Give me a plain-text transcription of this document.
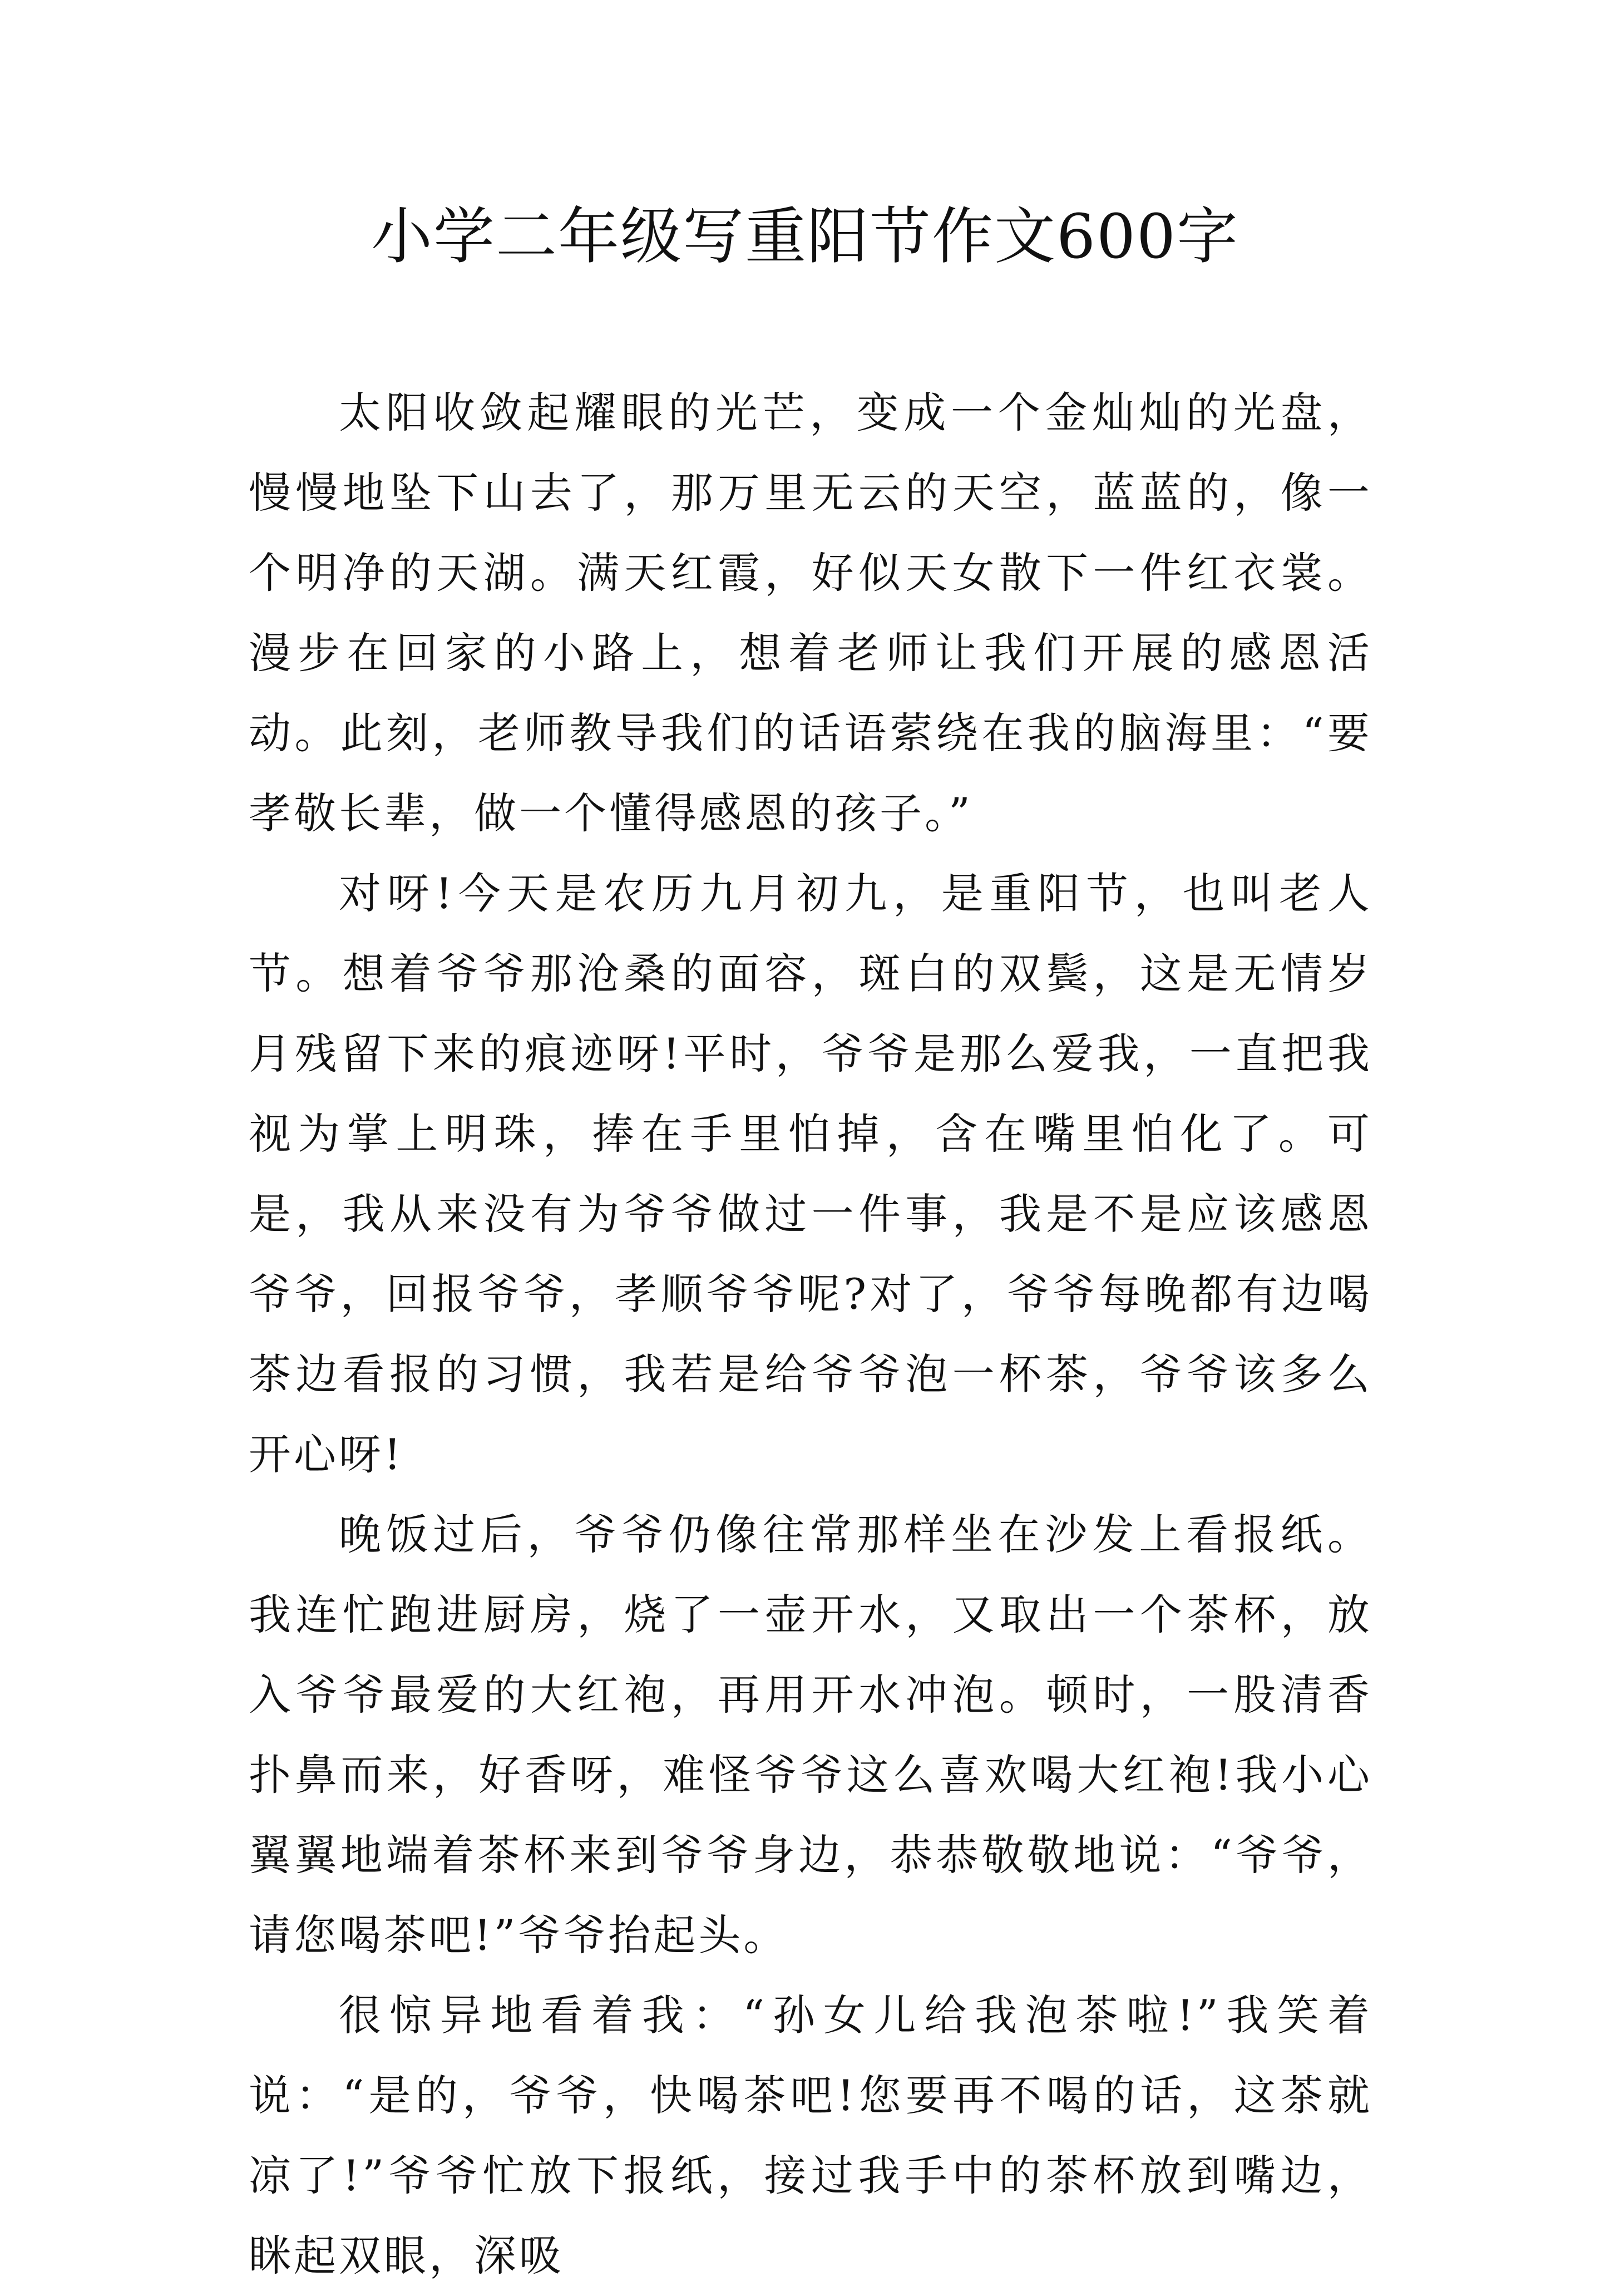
小学二年级写重阳节作文600字

太阳收敛起耀眼的光芒，变成一个金灿灿的光盘，慢慢地坠下山去了，那万里无云的天空，蓝蓝的，像一个明净的天湖。满天红霞，好似天女散下一件红衣裳。漫步在回家的小路上，想着老师让我们开展的感恩活动。此刻，老师教导我们的话语萦绕在我的脑海里：“要孝敬长辈，做一个懂得感恩的孩子。”

对呀!今天是农历九月初九，是重阳节，也叫老人节。想着爷爷那沧桑的面容，斑白的双鬓，这是无情岁月残留下来的痕迹呀!平时，爷爷是那么爱我，一直把我视为掌上明珠，捧在手里怕掉，含在嘴里怕化了。可是，我从来没有为爷爷做过一件事，我是不是应该感恩爷爷，回报爷爷，孝顺爷爷呢?对了，爷爷每晚都有边喝茶边看报的习惯，我若是给爷爷泡一杯茶，爷爷该多么开心呀!

晚饭过后，爷爷仍像往常那样坐在沙发上看报纸。我连忙跑进厨房，烧了一壶开水，又取出一个茶杯，放入爷爷最爱的大红袍，再用开水冲泡。顿时，一股清香扑鼻而来，好香呀，难怪爷爷这么喜欢喝大红袍!我小心翼翼地端着茶杯来到爷爷身边，恭恭敬敬地说：“爷爷，请您喝茶吧!”爷爷抬起头。

很惊异地看着我：“孙女儿给我泡茶啦!”我笑着说：“是的，爷爷，快喝茶吧!您要再不喝的话，这茶就凉了!”爷爷忙放下报纸，接过我手中的茶杯放到嘴边，眯起双眼，深吸
